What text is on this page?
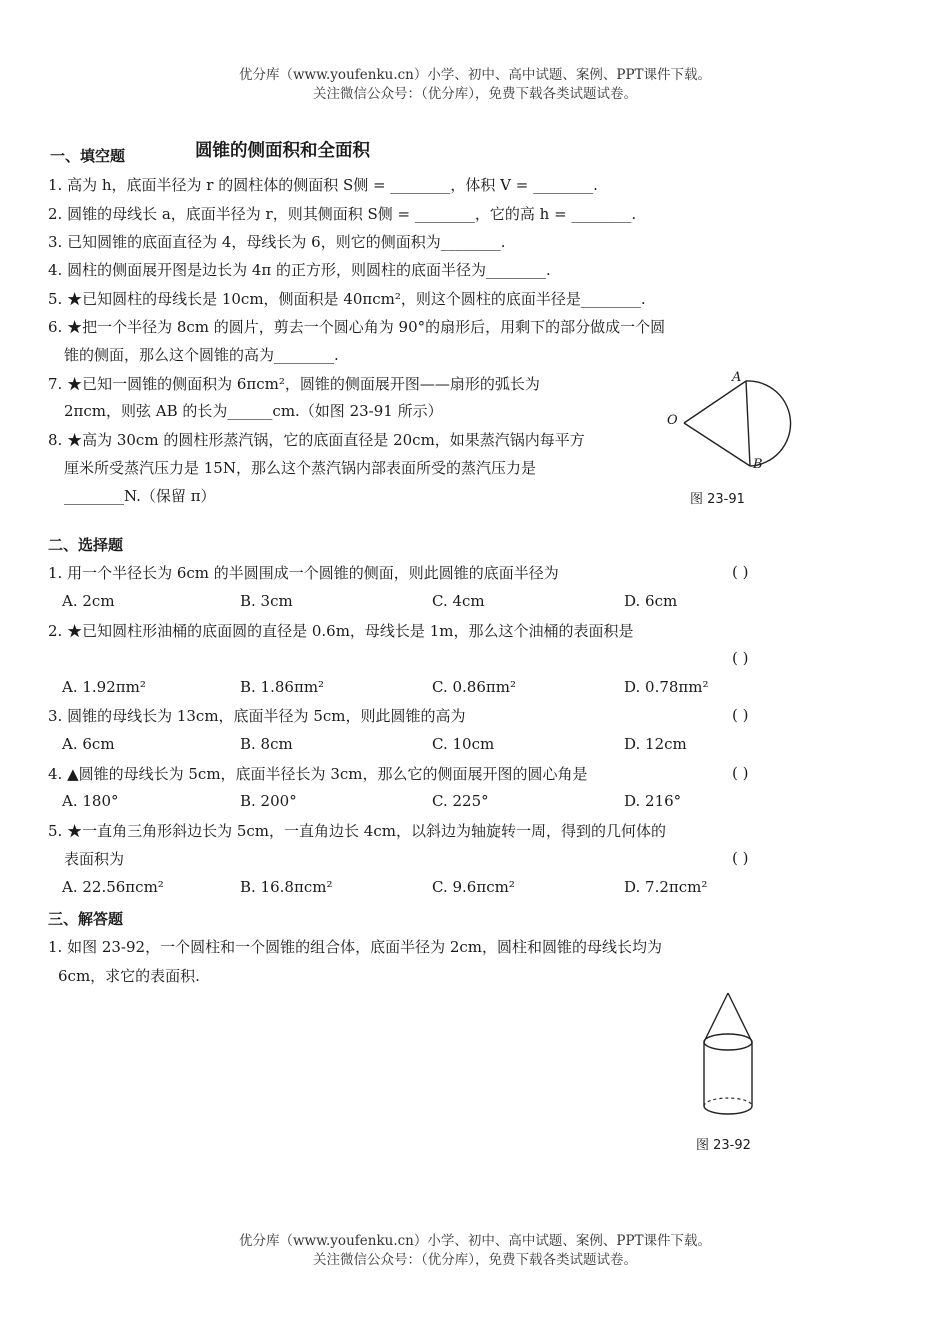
优分库（www.youfenku.cn）小学、初中、高中试题、案例、PPT课件下载。
关注微信公众号：（优分库），免费下载各类试题试卷。
一、填空题	圆锥的侧面积和全面积
1. 高为 h，底面半径为 r 的圆柱体的侧面积 S侧 = ________，体积 V = ________.
2. 圆锥的母线长 a，底面半径为 r，则其侧面积 S侧 = ________，它的高 h = ________.
3. 已知圆锥的底面直径为 4，母线长为 6，则它的侧面积为________.
4. 圆柱的侧面展开图是边长为 4π 的正方形，则圆柱的底面半径为________.
5. ★已知圆柱的母线长是 10cm，侧面积是 40πcm²，则这个圆柱的底面半径是________.
6. ★把一个半径为 8cm 的圆片，剪去一个圆心角为 90°的扇形后，用剩下的部分做成一个圆
锥的侧面，那么这个圆锥的高为________.
7. ★已知一圆锥的侧面积为 6πcm²，圆锥的侧面展开图——扇形的弧长为
2πcm，则弦 AB 的长为______cm.（如图 23-91 所示）
8. ★高为 30cm 的圆柱形蒸汽锅，它的底面直径是 20cm，如果蒸汽锅内每平方
厘米所受蒸汽压力是 15N，那么这个蒸汽锅内部表面所受的蒸汽压力是
________N.（保留 π）
A
B
O
图 23-91
二、选择题
1. 用一个半径长为 6cm 的半圆围成一个圆锥的侧面，则此圆锥的底面半径为	( )
A. 2cm	B. 3cm	C. 4cm	D. 6cm
2. ★已知圆柱形油桶的底面圆的直径是 0.6m，母线长是 1m，那么这个油桶的表面积是
( )
A. 1.92πm²	B. 1.86πm²	C. 0.86πm²	D. 0.78πm²
3. 圆锥的母线长为 13cm，底面半径为 5cm，则此圆锥的高为	( )
A. 6cm	B. 8cm	C. 10cm	D. 12cm
4. ▲圆锥的母线长为 5cm，底面半径长为 3cm，那么它的侧面展开图的圆心角是	( )
A. 180°	B. 200°	C. 225°	D. 216°
5. ★一直角三角形斜边长为 5cm，一直角边长 4cm，以斜边为轴旋转一周，得到的几何体的
表面积为	( )
A. 22.56πcm²	B. 16.8πcm²	C. 9.6πcm²	D. 7.2πcm²
三、解答题
1. 如图 23-92，一个圆柱和一个圆锥的组合体，底面半径为 2cm，圆柱和圆锥的母线长均为
6cm，求它的表面积.
图 23-92
优分库（www.youfenku.cn）小学、初中、高中试题、案例、PPT课件下载。
关注微信公众号：（优分库），免费下载各类试题试卷。
